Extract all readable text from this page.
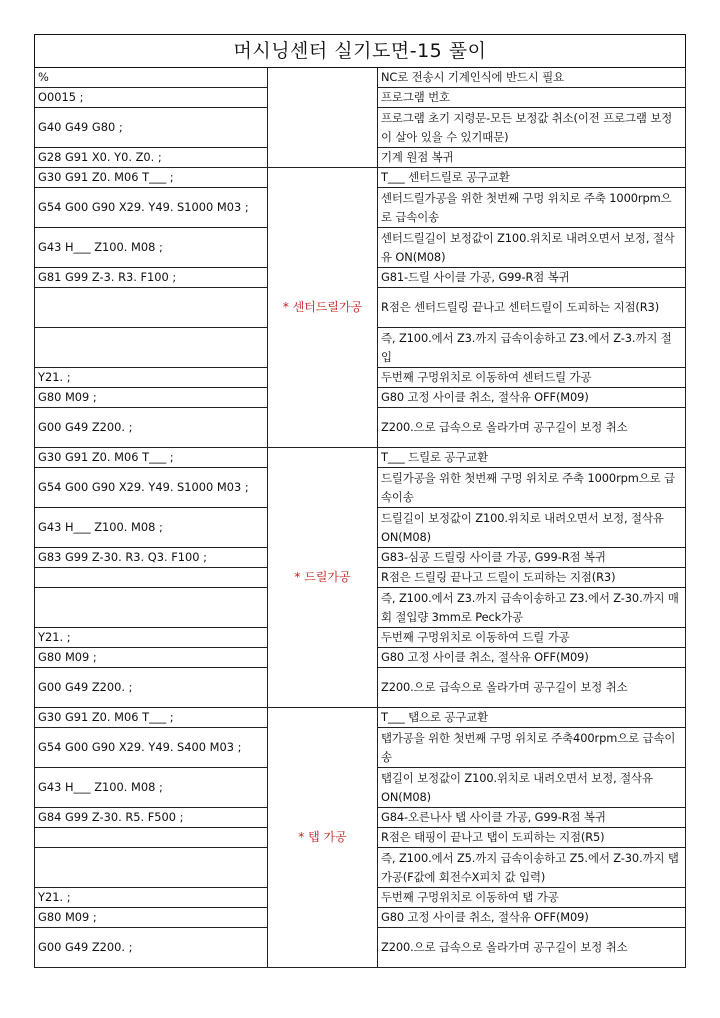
머시닝센터 실기도면-15 풀이		
%		NC로 전송시 기계인식에 반드시 필요
O0015 ;		프로그램 번호
G40 G49 G80 ;		프로그램 초기 지령문-모든 보정값 취소(이전 프로그램 보정이 살아 있을 수 있기때문)
G28 G91 X0. Y0. Z0. ;		기계 원점 복귀
G30 G91 Z0. M06 T___ ;	* 센터드릴가공	T___ 센터드릴로 공구교환
G54 G00 G90 X29. Y49. S1000 M03 ;		센터드릴가공을 위한 첫번째 구멍 위치로 주축 1000rpm으로 급속이송
G43 H___ Z100. M08 ;		센터드릴길이 보정값이 Z100.위치로 내려오면서 보정, 절삭유 ON(M08)
G81 G99 Z-3. R3. F100 ;		G81-드릴 사이클 가공, G99-R점 복귀
		R점은 센터드릴링 끝나고 센터드릴이 도피하는 지점(R3)
		즉, Z100.에서 Z3.까지 급속이송하고 Z3.에서 Z-3.까지 절입
Y21. ;		두번째 구멍위치로 이동하여 센터드릴 가공
G80 M09 ;		G80 고정 사이클 취소, 절삭유 OFF(M09)
G00 G49 Z200. ;		Z200.으로 급속으로 올라가며 공구길이 보정 취소
G30 G91 Z0. M06 T___ ;	* 드릴가공	T___ 드릴로 공구교환
G54 G00 G90 X29. Y49. S1000 M03 ;		드릴가공을 위한 첫번째 구멍 위치로 주축 1000rpm으로 급속이송
G43 H___ Z100. M08 ;		드릴길이 보정값이 Z100.위치로 내려오면서 보정, 절삭유 ON(M08)
G83 G99 Z-30. R3. Q3. F100 ;		G83-심공 드릴링 사이클 가공, G99-R점 복귀
		R점은 드릴링 끝나고 드릴이 도피하는 지점(R3)
		즉, Z100.에서 Z3.까지 급속이송하고 Z3.에서 Z-30.까지 매회 절입량 3mm로 Peck가공
Y21. ;		두번째 구멍위치로 이동하여 드릴 가공
G80 M09 ;		G80 고정 사이클 취소, 절삭유 OFF(M09)
G00 G49 Z200. ;		Z200.으로 급속으로 올라가며 공구길이 보정 취소
G30 G91 Z0. M06 T___ ;	* 탭 가공	T___ 탭으로 공구교환
G54 G00 G90 X29. Y49. S400 M03 ;		탭가공을 위한 첫번째 구멍 위치로 주축400rpm으로 급속이송
G43 H___ Z100. M08 ;		탭길이 보정값이 Z100.위치로 내려오면서 보정, 절삭유 ON(M08)
G84 G99 Z-30. R5. F500 ;		G84-오른나사 탭 사이클 가공, G99-R점 복귀
		R점은 태핑이 끝나고 탭이 도피하는 지점(R5)
		즉, Z100.에서 Z5.까지 급속이송하고 Z5.에서 Z-30.까지 탭가공(F값에 회전수X피치 값 입력)
Y21. ;		두번째 구멍위치로 이동하여 탭 가공
G80 M09 ;		G80 고정 사이클 취소, 절삭유 OFF(M09)
G00 G49 Z200. ;		Z200.으로 급속으로 올라가며 공구길이 보정 취소
